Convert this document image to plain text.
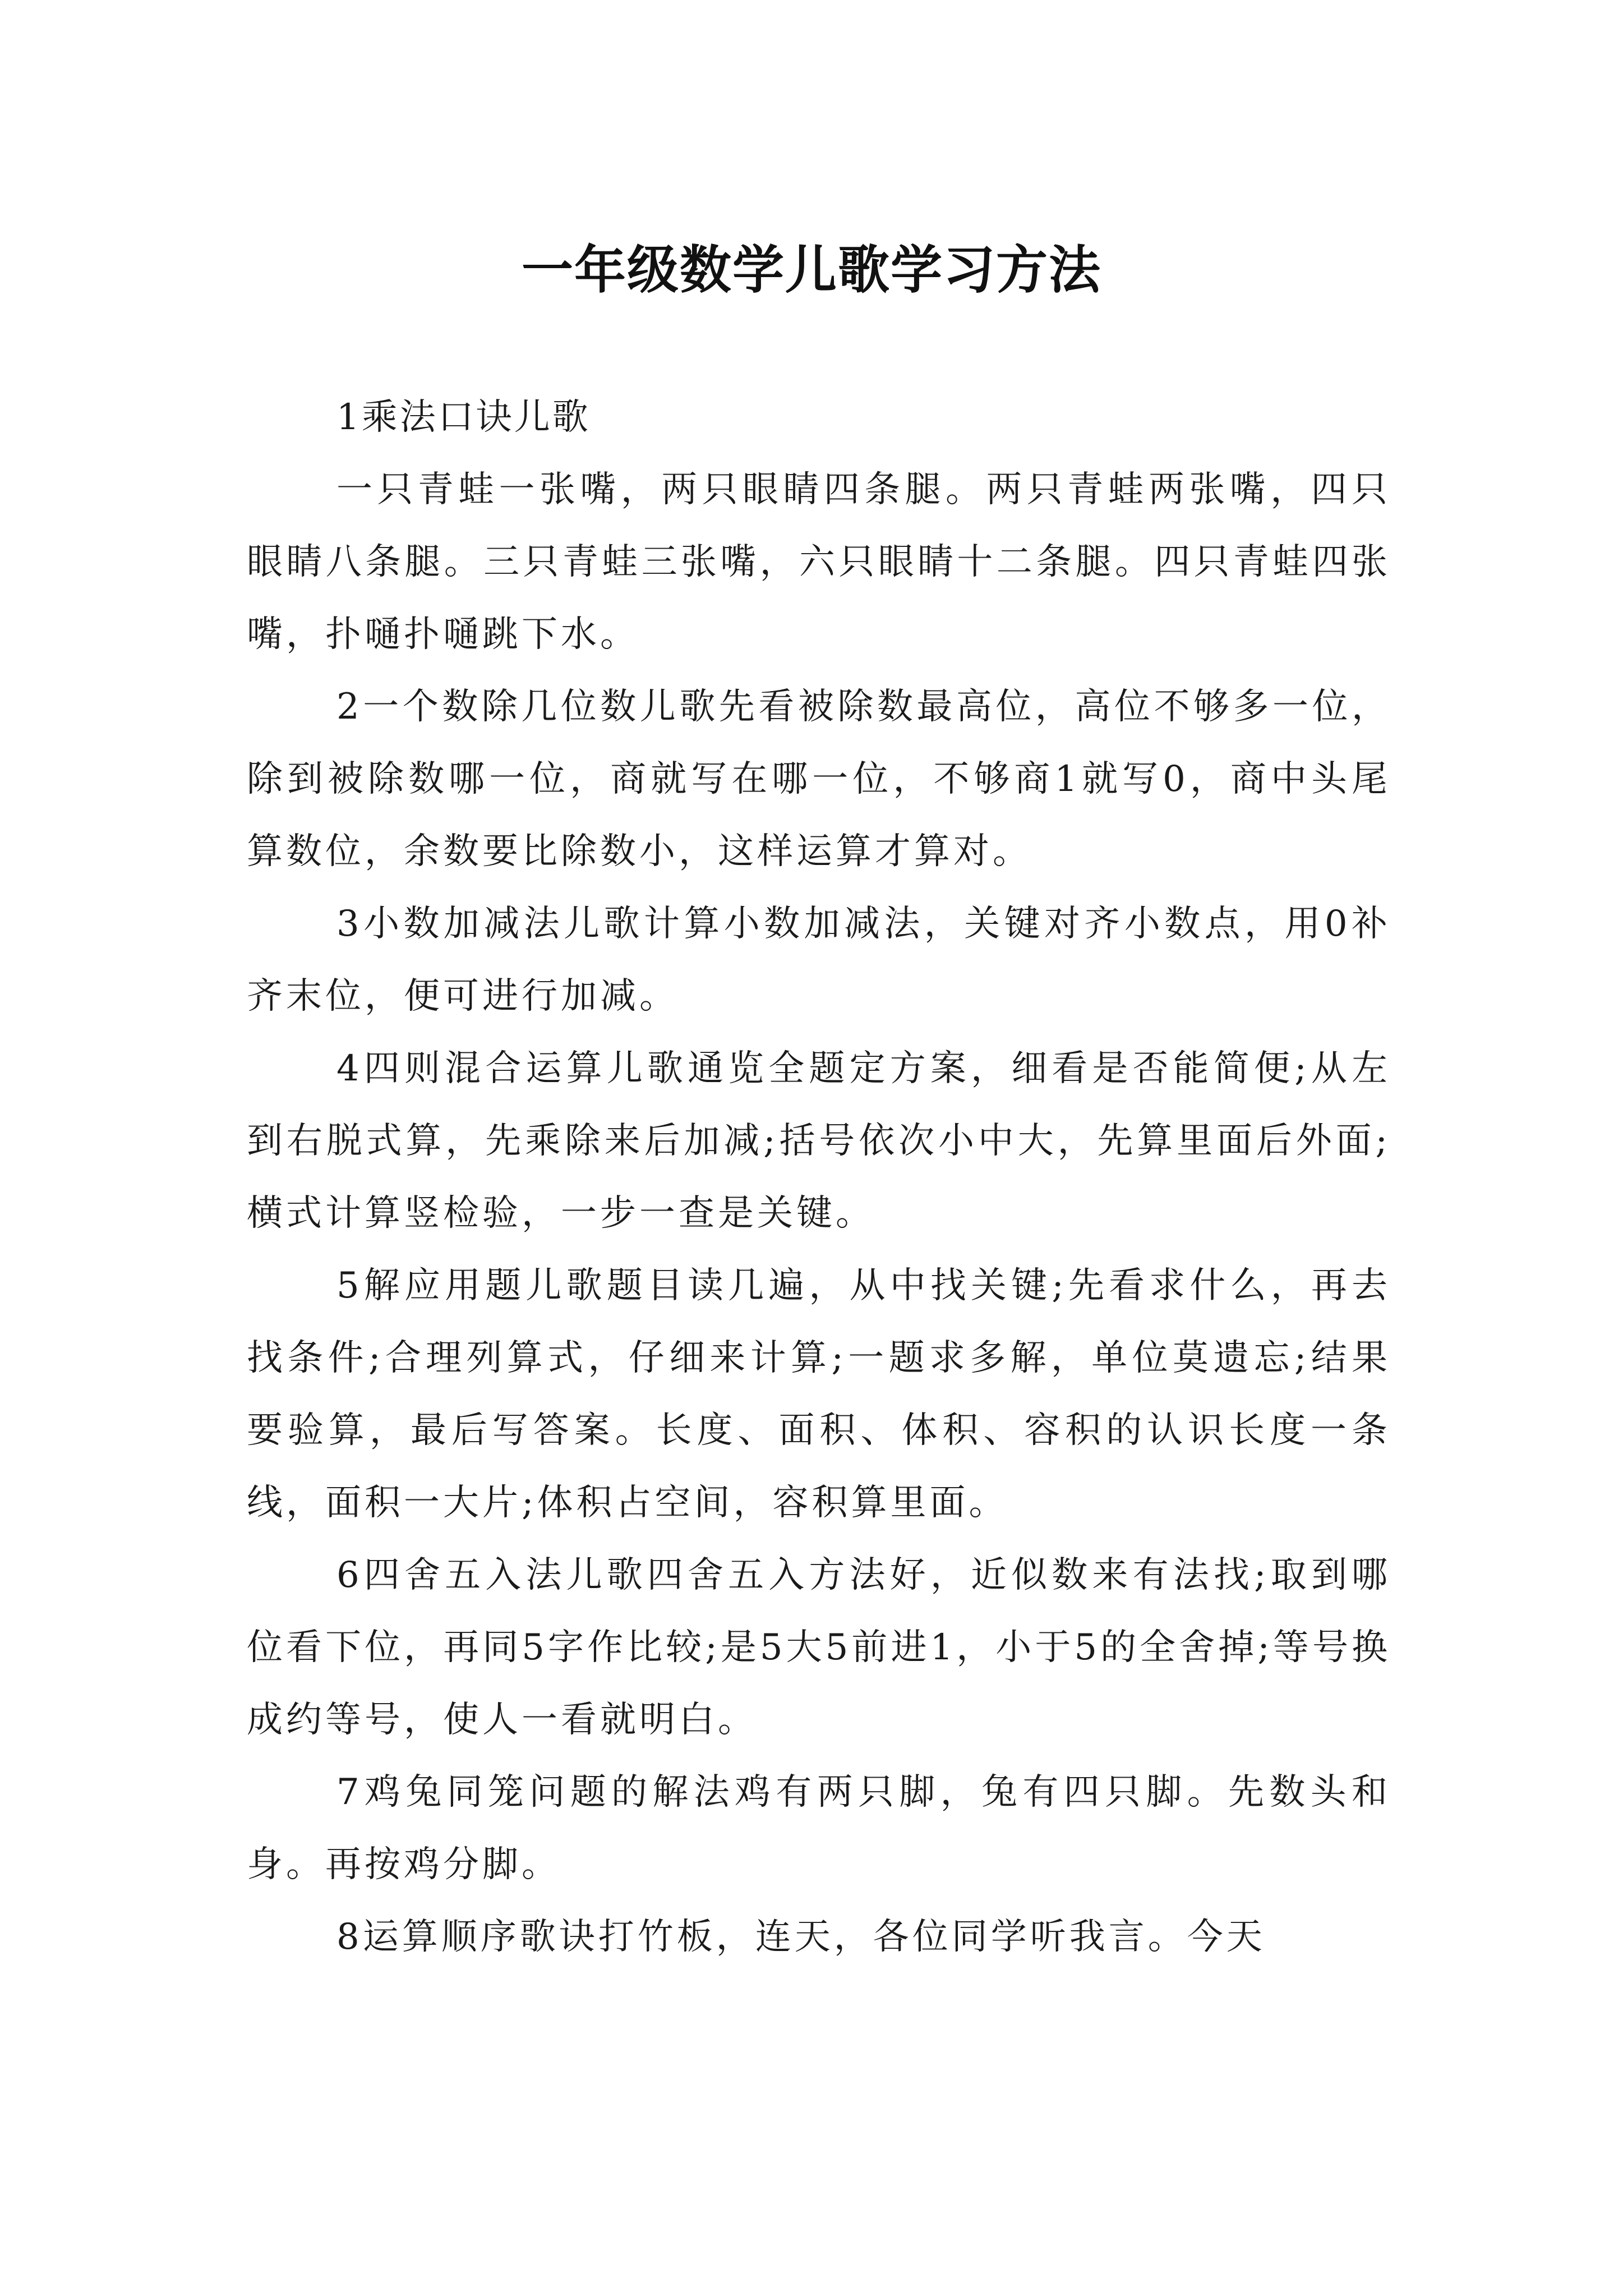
一年级数学儿歌学习方法

1乘法口诀儿歌

一只青蛙一张嘴，两只眼睛四条腿。两只青蛙两张嘴，四只眼睛八条腿。三只青蛙三张嘴，六只眼睛十二条腿。四只青蛙四张嘴，扑嗵扑嗵跳下水。

2一个数除几位数儿歌先看被除数最高位，高位不够多一位，除到被除数哪一位，商就写在哪一位，不够商1就写0，商中头尾算数位，余数要比除数小，这样运算才算对。

3小数加减法儿歌计算小数加减法，关键对齐小数点，用0补齐末位，便可进行加减。

4四则混合运算儿歌通览全题定方案，细看是否能简便;从左到右脱式算，先乘除来后加减;括号依次小中大，先算里面后外面;横式计算竖检验，一步一查是关键。

5解应用题儿歌题目读几遍，从中找关键;先看求什么，再去找条件;合理列算式，仔细来计算;一题求多解，单位莫遗忘;结果要验算，最后写答案。长度、面积、体积、容积的认识长度一条线，面积一大片;体积占空间，容积算里面。

6四舍五入法儿歌四舍五入方法好，近似数来有法找;取到哪位看下位，再同5字作比较;是5大5前进1，小于5的全舍掉;等号换成约等号，使人一看就明白。

7鸡兔同笼问题的解法鸡有两只脚，兔有四只脚。先数头和身。再按鸡分脚。

8运算顺序歌诀打竹板，连天，各位同学听我言。今天
